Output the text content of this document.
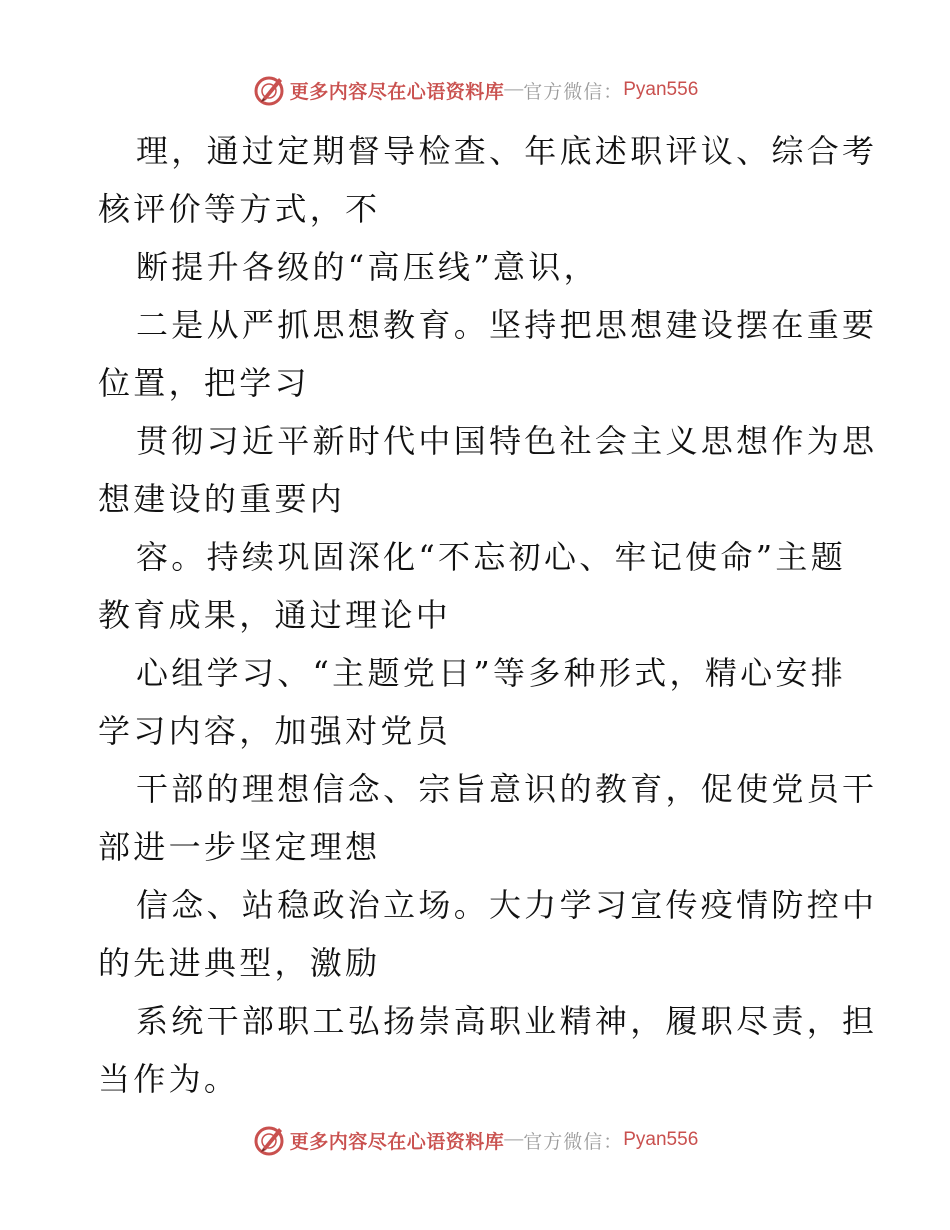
更多内容尽在心语资料库 — 官方微信： Pyan556
理，通过定期督导检查、年底述职评议、综合考
核评价等方式，不
断提升各级的“高压线”意识，
二是从严抓思想教育。坚持把思想建设摆在重要
位置，把学习
贯彻习近平新时代中国特色社会主义思想作为思
想建设的重要内
容。持续巩固深化“不忘初心、牢记使命”主题
教育成果，通过理论中
心组学习、“主题党日”等多种形式，精心安排
学习内容，加强对党员
干部的理想信念、宗旨意识的教育，促使党员干
部进一步坚定理想
信念、站稳政治立场。大力学习宣传疫情防控中
的先进典型，激励
系统干部职工弘扬崇高职业精神，履职尽责，担
当作为。
更多内容尽在心语资料库 — 官方微信： Pyan556
